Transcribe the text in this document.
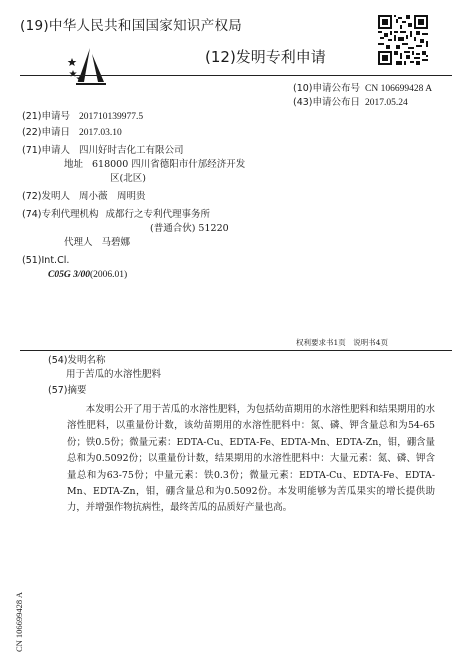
(19)中华人民共和国国家知识产权局
(12)发明专利申请
(10)申请公布号 CN 106699428 A
(43)申请公布日 2017.05.24
(21)申请号 201710139977.5
(22)申请日 2017.03.10
(71)申请人 四川好时吉化工有限公司
地址 618000 四川省德阳市什邡经济开发
区(北区)
(72)发明人 周小薇　周明贵
(74)专利代理机构 成都行之专利代理事务所
(普通合伙) 51220
代理人 马碧娜
(51)Int.Cl.
C05G 3/00(2006.01)
权利要求书1页　说明书4页
(54)发明名称
用于苦瓜的水溶性肥料
(57)摘要

本发明公开了用于苦瓜的水溶性肥料，为包括幼苗期用的水溶性肥料和结果期用的水溶性肥料，以重量份计数，该幼苗期用的水溶性肥料中：氮、磷、钾含量总和为54-65份；铁0.5份；微量元素：EDTA-Cu、EDTA-Fe、EDTA-Mn、EDTA-Zn，钼，硼含量总和为0.5092份；以重量份计数，结果期用的水溶性肥料中：大量元素：氮、磷、钾含量总和为63-75份；中量元素：铁0.3份；微量元素：EDTA-Cu、EDTA-Fe、EDTA-Mn、EDTA-Zn，钼，硼含量总和为0.5092份。本发明能够为苦瓜果实的增长提供助力，并增强作物抗病性，最终苦瓜的品质好产量也高。

CN 106699428 A
